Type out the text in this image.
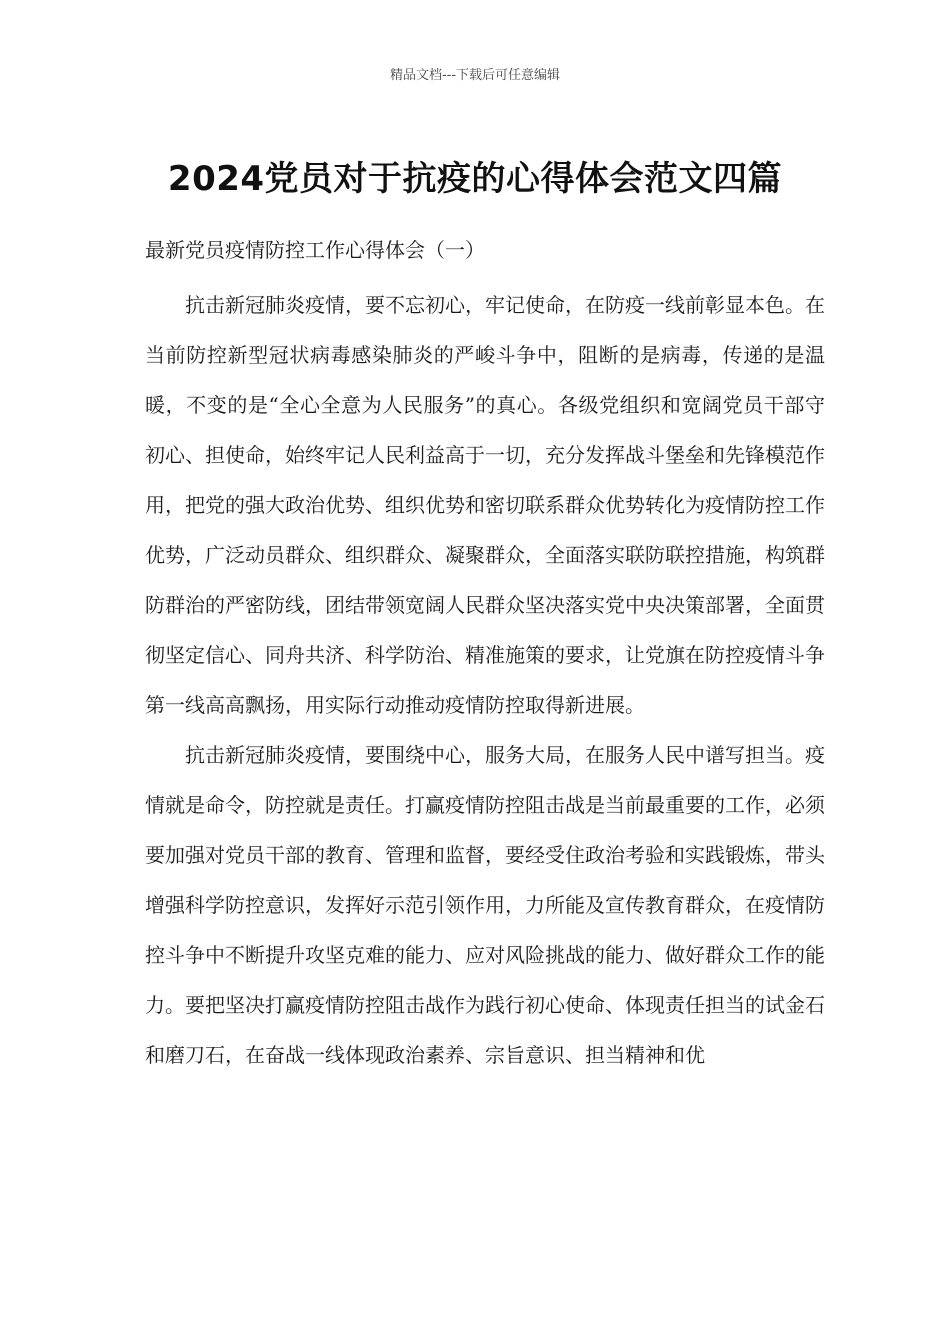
精品文档---下载后可任意编辑
2024党员对于抗疫的心得体会范文四篇
最新党员疫情防控工作心得体会（一）

抗击新冠肺炎疫情，要不忘初心，牢记使命，在防疫一线前彰显本色。在当前防控新型冠状病毒感染肺炎的严峻斗争中，阻断的是病毒，传递的是温暖，不变的是“全心全意为人民服务”的真心。各级党组织和宽阔党员干部守初心、担使命，始终牢记人民利益高于一切，充分发挥战斗堡垒和先锋模范作用，把党的强大政治优势、组织优势和密切联系群众优势转化为疫情防控工作优势，广泛动员群众、组织群众、凝聚群众，全面落实联防联控措施，构筑群防群治的严密防线，团结带领宽阔人民群众坚决落实党中央决策部署，全面贯彻坚定信心、同舟共济、科学防治、精准施策的要求，让党旗在防控疫情斗争第一线高高飘扬，用实际行动推动疫情防控取得新进展。

抗击新冠肺炎疫情，要围绕中心，服务大局，在服务人民中谱写担当。疫情就是命令，防控就是责任。打赢疫情防控阻击战是当前最重要的工作，必须要加强对党员干部的教育、管理和监督，要经受住政治考验和实践锻炼，带头增强科学防控意识，发挥好示范引领作用，力所能及宣传教育群众，在疫情防控斗争中不断提升攻坚克难的能力、应对风险挑战的能力、做好群众工作的能力。要把坚决打赢疫情防控阻击战作为践行初心使命、体现责任担当的试金石和磨刀石，在奋战一线体现政治素养、宗旨意识、担当精神和优
